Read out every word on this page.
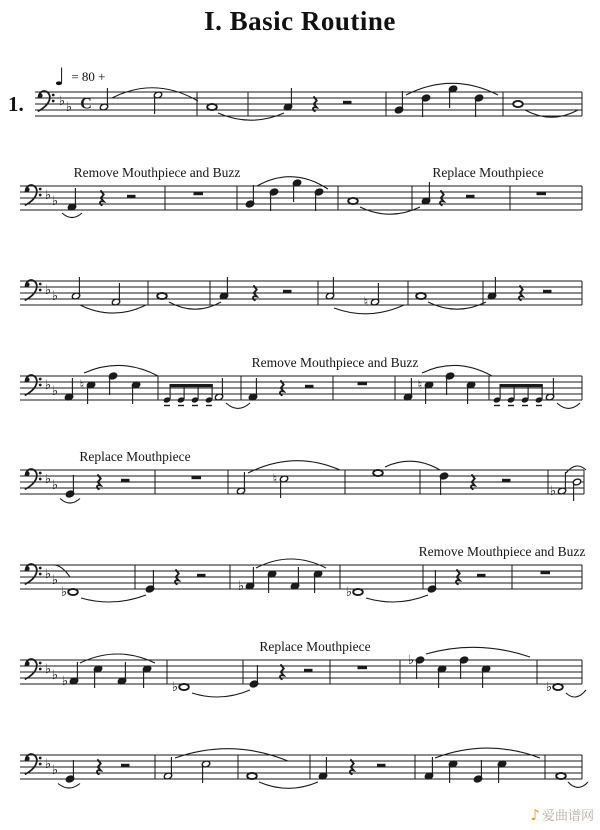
I. Basic Routine
♩ = 80 +
1.	♭ ♭ C
♭ ♭
Remove Mouthpiece and Buzz	Replace Mouthpiece
♭ ♭	♮
♭ ♭
Remove Mouthpiece and Buzz
♮	♮
♭ ♭
Replace Mouthpiece
♮
♭
♭ ♭
Remove Mouthpiece and Buzz
♭	♭	♭
♭ ♭
Replace Mouthpiece
♭	♭
♭
♭
♭ ♭
♪ 爱曲谱网
